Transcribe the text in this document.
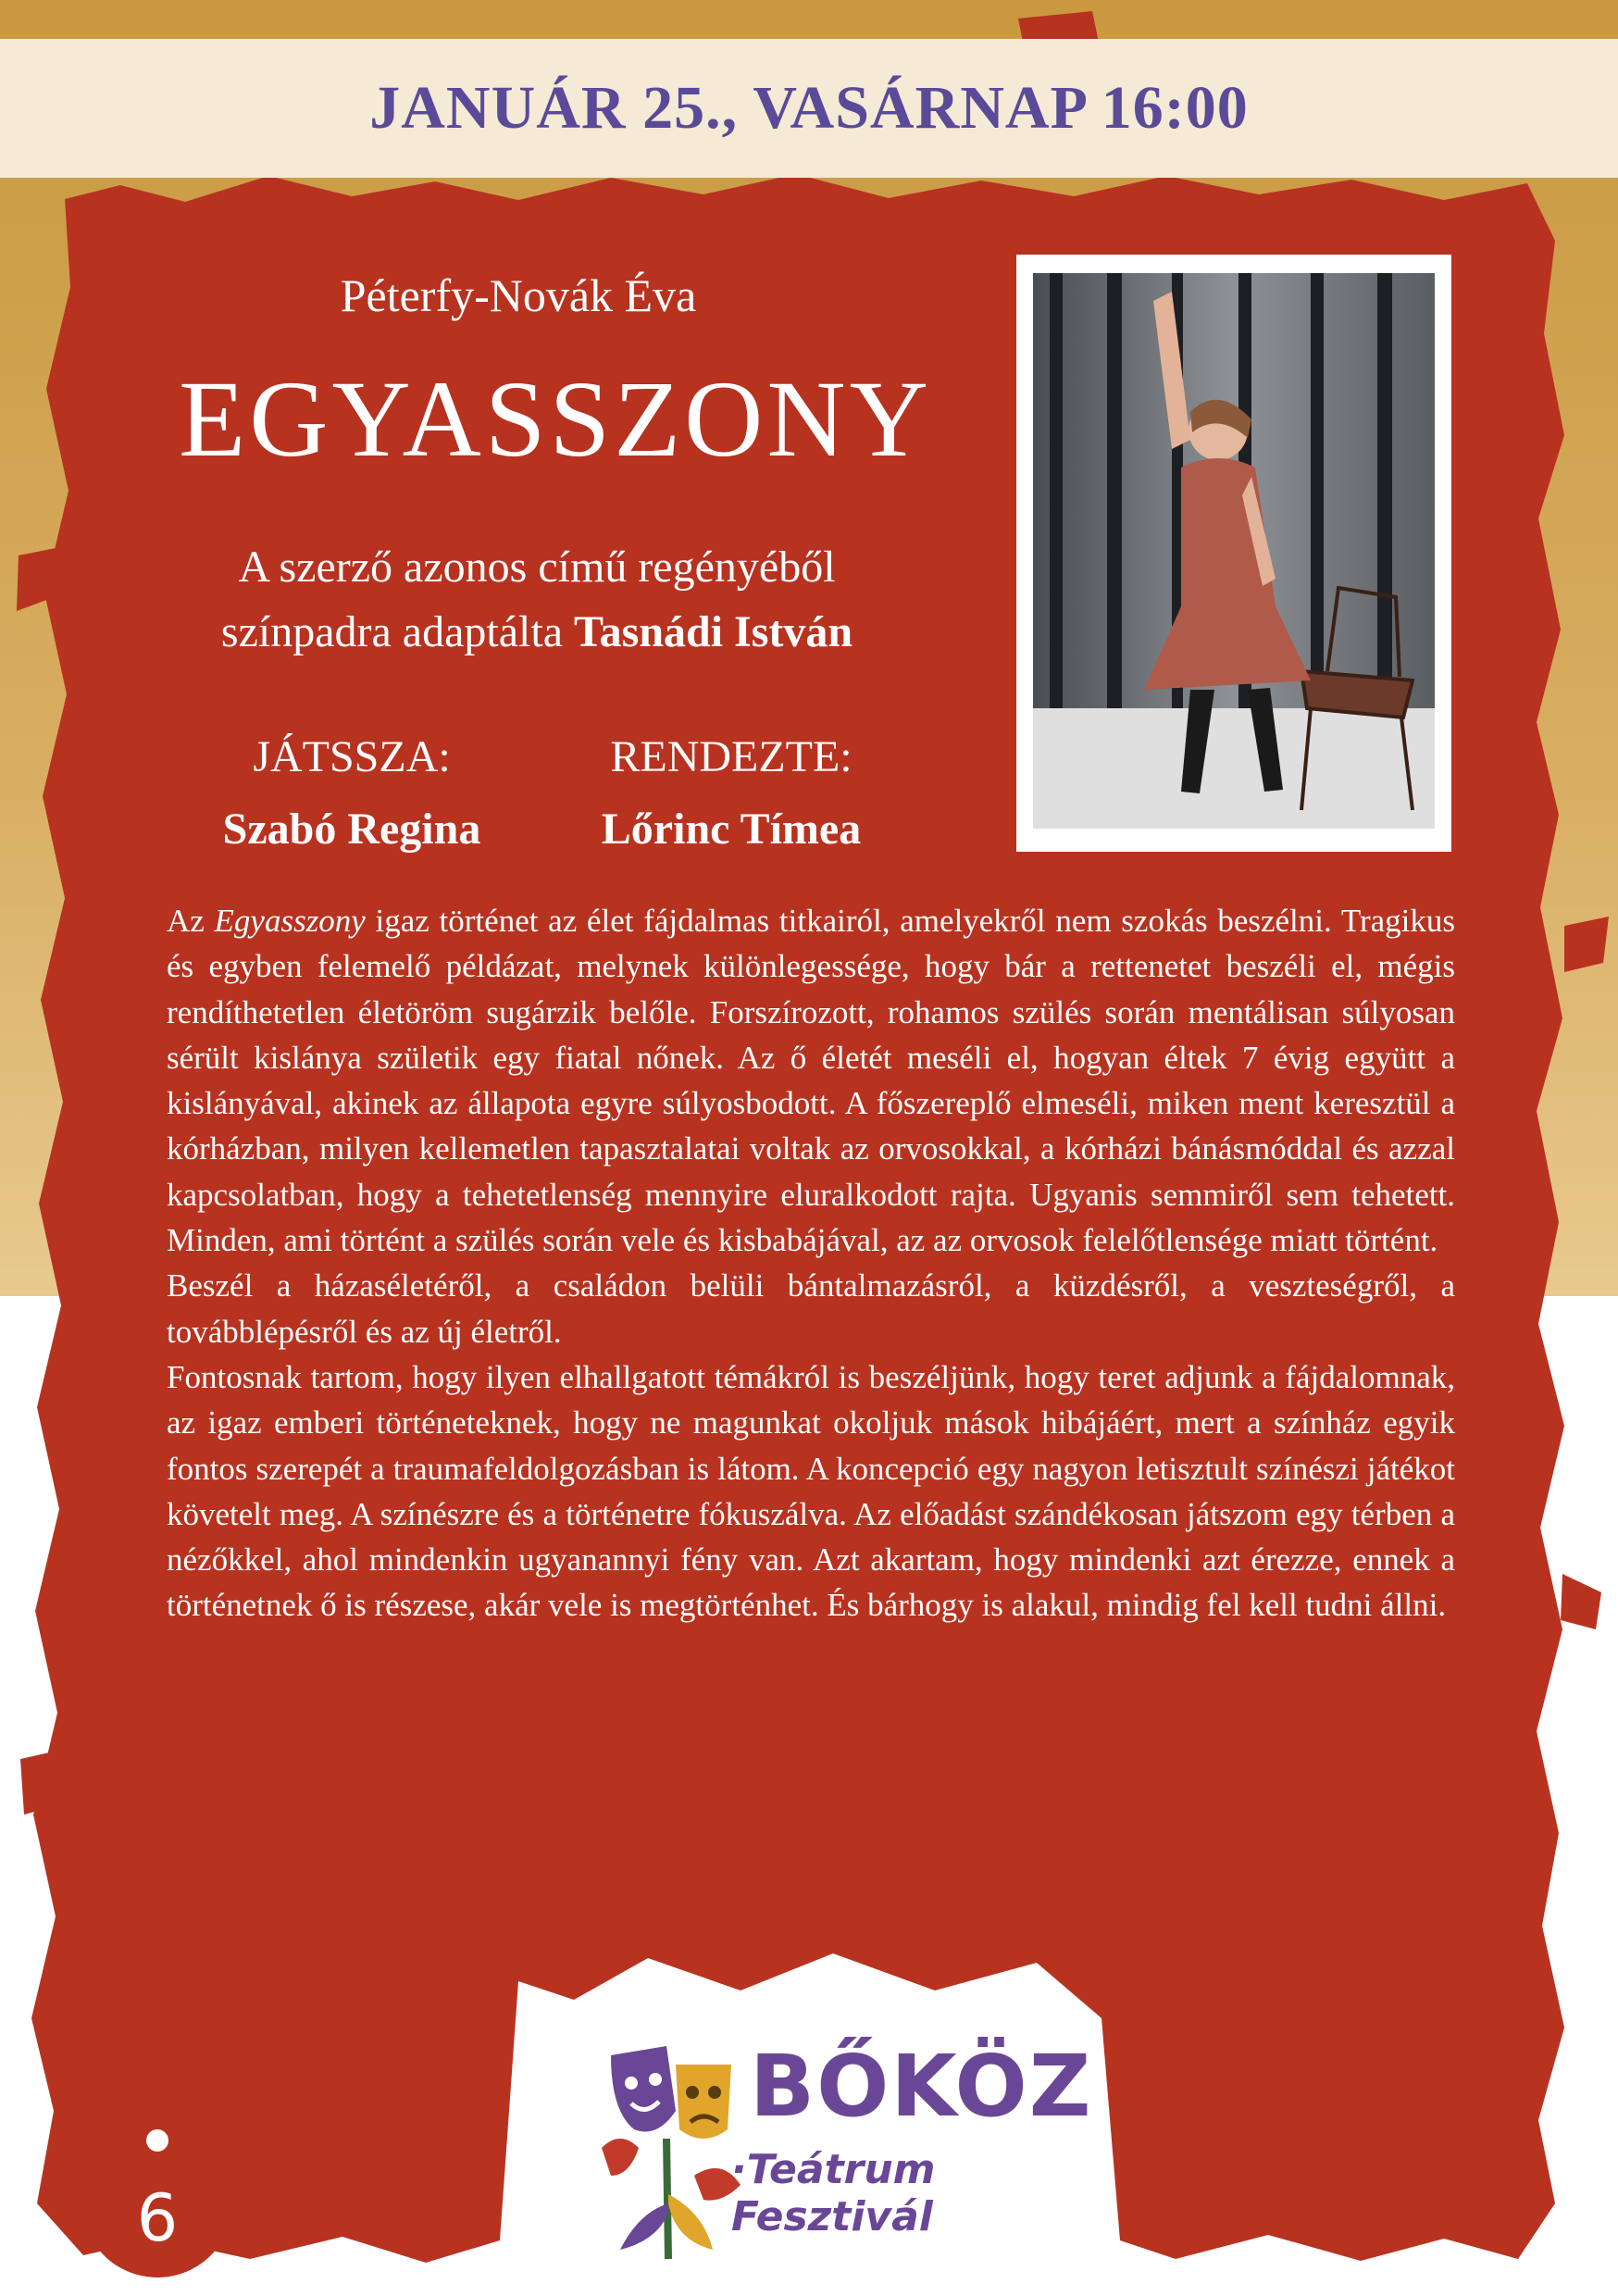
JANUÁR 25., VASÁRNAP 16:00
Péterfy-Novák Éva
EGYASSZONY
A szerző azonos című regényéből
színpadra adaptálta Tasnádi István
JÁTSSZA:
Szabó Regina
RENDEZTE:
Lőrinc Tímea

Az Egyasszony igaz történet az élet fájdalmas titkairól, amelyekről nem szokás beszélni. Tragikus és egyben felemelő példázat, melynek különlegessége, hogy bár a rettenetet beszéli el, mégis rendíthetetlen életöröm sugárzik belőle. Forszírozott, rohamos szülés során mentálisan súlyosan sérült kislánya születik egy fiatal nőnek. Az ő életét meséli el, hogyan éltek 7 évig együtt a kislányával, akinek az állapota egyre súlyosbodott. A főszereplő elmeséli, miken ment keresztül a kórházban, milyen kellemetlen tapasztalatai voltak az orvosokkal, a kórházi bánásmóddal és azzal kapcsolatban, hogy a tehetetlenség mennyire eluralkodott rajta. Ugyanis semmiről sem tehetett. Minden, ami történt a szülés során vele és kisbabájával, az az orvosok felelőtlensége miatt történt.

Beszél a házaséletéről, a családon belüli bántalmazásról, a küzdésről, a veszteségről, a továbblépésről és az új életről.

Fontosnak tartom, hogy ilyen elhallgatott témákról is beszéljünk, hogy teret adjunk a fájdalomnak, az igaz emberi történeteknek, hogy ne magunkat okoljuk mások hibájáért, mert a színház egyik fontos szerepét a traumafeldolgozásban is látom. A koncepció egy nagyon letisztult színészi játékot követelt meg. A színészre és a történetre fókuszálva. Az előadást szándékosan játszom egy térben a nézőkkel, ahol mindenkin ugyanannyi fény van. Azt akartam, hogy mindenki azt érezze, ennek a történetnek ő is részese, akár vele is megtörténhet. És bárhogy is alakul, mindig fel kell tudni állni.

6
BŐKÖZ
·Teátrum Fesztivál
